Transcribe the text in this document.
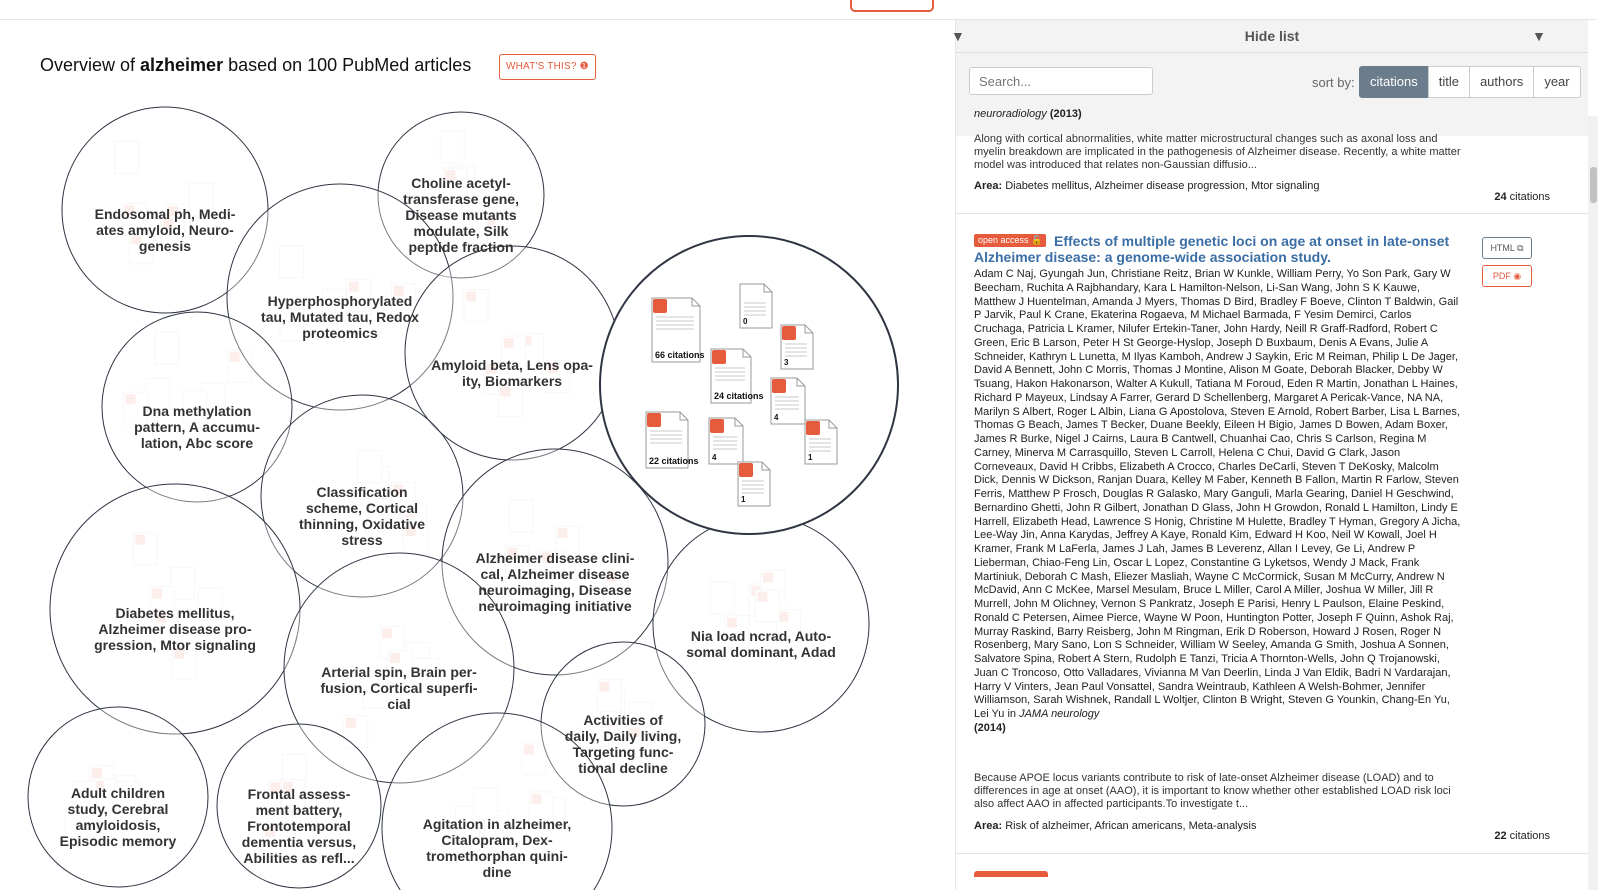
Overview of alzheimer based on 100 PubMed articles	WHAT'S THIS? ❶
66 citations
0
24 citations
3
4
22 citations 4	1
1
Endosomal ph, Medi-
ates amyloid, Neuro-
genesis
Choline acetyl-
transferase gene,
Disease mutants
modulate, Silk
peptide fraction
Hyperphosphorylated
tau, Mutated tau, Redox
proteomics
Amyloid beta, Lens opa-
ity, Biomarkers
Dna methylation
pattern, A accumu-
lation, Abc score
Classification
scheme, Cortical
thinning, Oxidative
stress
Alzheimer disease clini-
cal, Alzheimer disease
neuroimaging, Disease
neuroimaging initiative
Diabetes mellitus,
Alzheimer disease pro-
gression, Mtor signaling
Nia load ncrad, Auto-
somal dominant, Adad
Arterial spin, Brain per-
fusion, Cortical superfi-
cial
Activities of
daily, Daily living,
Targeting func-
tional decline
Adult children
study, Cerebral
amyloidosis,
Episodic memory
Frontal assess-
ment battery,
Frontotemporal
dementia versus,
Abilities as refl...
Agitation in alzheimer,
Citalopram, Dex-
tromethorphan quini-
dine
▼	Hide list	▼
Search...
sort by:	citations	title	authors	year
neuroradiology (2013)
Along with cortical abnormalities, white matter microstructural changes such as axonal loss and myelin breakdown are implicated in the pathogenesis of Alzheimer disease. Recently, a white matter model was introduced that relates non-Gaussian diffusio...
Area: Diabetes mellitus, Alzheimer disease progression, Mtor signaling
24 citations
open access 🔓 Effects of multiple genetic loci on age at onset in late-onset Alzheimer disease: a genome-wide association study.
HTML ⧉
PDF ◉
Adam C Naj, Gyungah Jun, Christiane Reitz, Brian W Kunkle, William Perry, Yo Son Park, Gary W Beecham, Ruchita A Rajbhandary, Kara L Hamilton-Nelson, Li-San Wang, John S K Kauwe, Matthew J Huentelman, Amanda J Myers, Thomas D Bird, Bradley F Boeve, Clinton T Baldwin, Gail P Jarvik, Paul K Crane, Ekaterina Rogaeva, M Michael Barmada, F Yesim Demirci, Carlos Cruchaga, Patricia L Kramer, Nilufer Ertekin-Taner, John Hardy, Neill R Graff-Radford, Robert C Green, Eric B Larson, Peter H St George-Hyslop, Joseph D Buxbaum, Denis A Evans, Julie A Schneider, Kathryn L Lunetta, M Ilyas Kamboh, Andrew J Saykin, Eric M Reiman, Philip L De Jager, David A Bennett, John C Morris, Thomas J Montine, Alison M Goate, Deborah Blacker, Debby W Tsuang, Hakon Hakonarson, Walter A Kukull, Tatiana M Foroud, Eden R Martin, Jonathan L Haines, Richard P Mayeux, Lindsay A Farrer, Gerard D Schellenberg, Margaret A Pericak-Vance, NA NA, Marilyn S Albert, Roger L Albin, Liana G Apostolova, Steven E Arnold, Robert Barber, Lisa L Barnes, Thomas G Beach, James T Becker, Duane Beekly, Eileen H Bigio, James D Bowen, Adam Boxer, James R Burke, Nigel J Cairns, Laura B Cantwell, Chuanhai Cao, Chris S Carlson, Regina M Carney, Minerva M Carrasquillo, Steven L Carroll, Helena C Chui, David G Clark, Jason Corneveaux, David H Cribbs, Elizabeth A Crocco, Charles DeCarli, Steven T DeKosky, Malcolm Dick, Dennis W Dickson, Ranjan Duara, Kelley M Faber, Kenneth B Fallon, Martin R Farlow, Steven Ferris, Matthew P Frosch, Douglas R Galasko, Mary Ganguli, Marla Gearing, Daniel H Geschwind, Bernardino Ghetti, John R Gilbert, Jonathan D Glass, John H Growdon, Ronald L Hamilton, Lindy E Harrell, Elizabeth Head, Lawrence S Honig, Christine M Hulette, Bradley T Hyman, Gregory A Jicha, Lee-Way Jin, Anna Karydas, Jeffrey A Kaye, Ronald Kim, Edward H Koo, Neil W Kowall, Joel H Kramer, Frank M LaFerla, James J Lah, James B Leverenz, Allan I Levey, Ge Li, Andrew P Lieberman, Chiao-Feng Lin, Oscar L Lopez, Constantine G Lyketsos, Wendy J Mack, Frank Martiniuk, Deborah C Mash, Eliezer Masliah, Wayne C McCormick, Susan M McCurry, Andrew N McDavid, Ann C McKee, Marsel Mesulam, Bruce L Miller, Carol A Miller, Joshua W Miller, Jill R Murrell, John M Olichney, Vernon S Pankratz, Joseph E Parisi, Henry L Paulson, Elaine Peskind, Ronald C Petersen, Aimee Pierce, Wayne W Poon, Huntington Potter, Joseph F Quinn, Ashok Raj, Murray Raskind, Barry Reisberg, John M Ringman, Erik D Roberson, Howard J Rosen, Roger N Rosenberg, Mary Sano, Lon S Schneider, William W Seeley, Amanda G Smith, Joshua A Sonnen, Salvatore Spina, Robert A Stern, Rudolph E Tanzi, Tricia A Thornton-Wells, John Q Trojanowski, Juan C Troncoso, Otto Valladares, Vivianna M Van Deerlin, Linda J Van Eldik, Badri N Vardarajan, Harry V Vinters, Jean Paul Vonsattel, Sandra Weintraub, Kathleen A Welsh-Bohmer, Jennifer Williamson, Sarah Wishnek, Randall L Woltjer, Clinton B Wright, Steven G Younkin, Chang-En Yu, Lei Yu in JAMA neurology
(2014)
Because APOE locus variants contribute to risk of late-onset Alzheimer disease (LOAD) and to differences in age at onset (AAO), it is important to know whether other established LOAD risk loci also affect AAO in affected participants.To investigate t...
Area: Risk of alzheimer, African americans, Meta-analysis
22 citations
